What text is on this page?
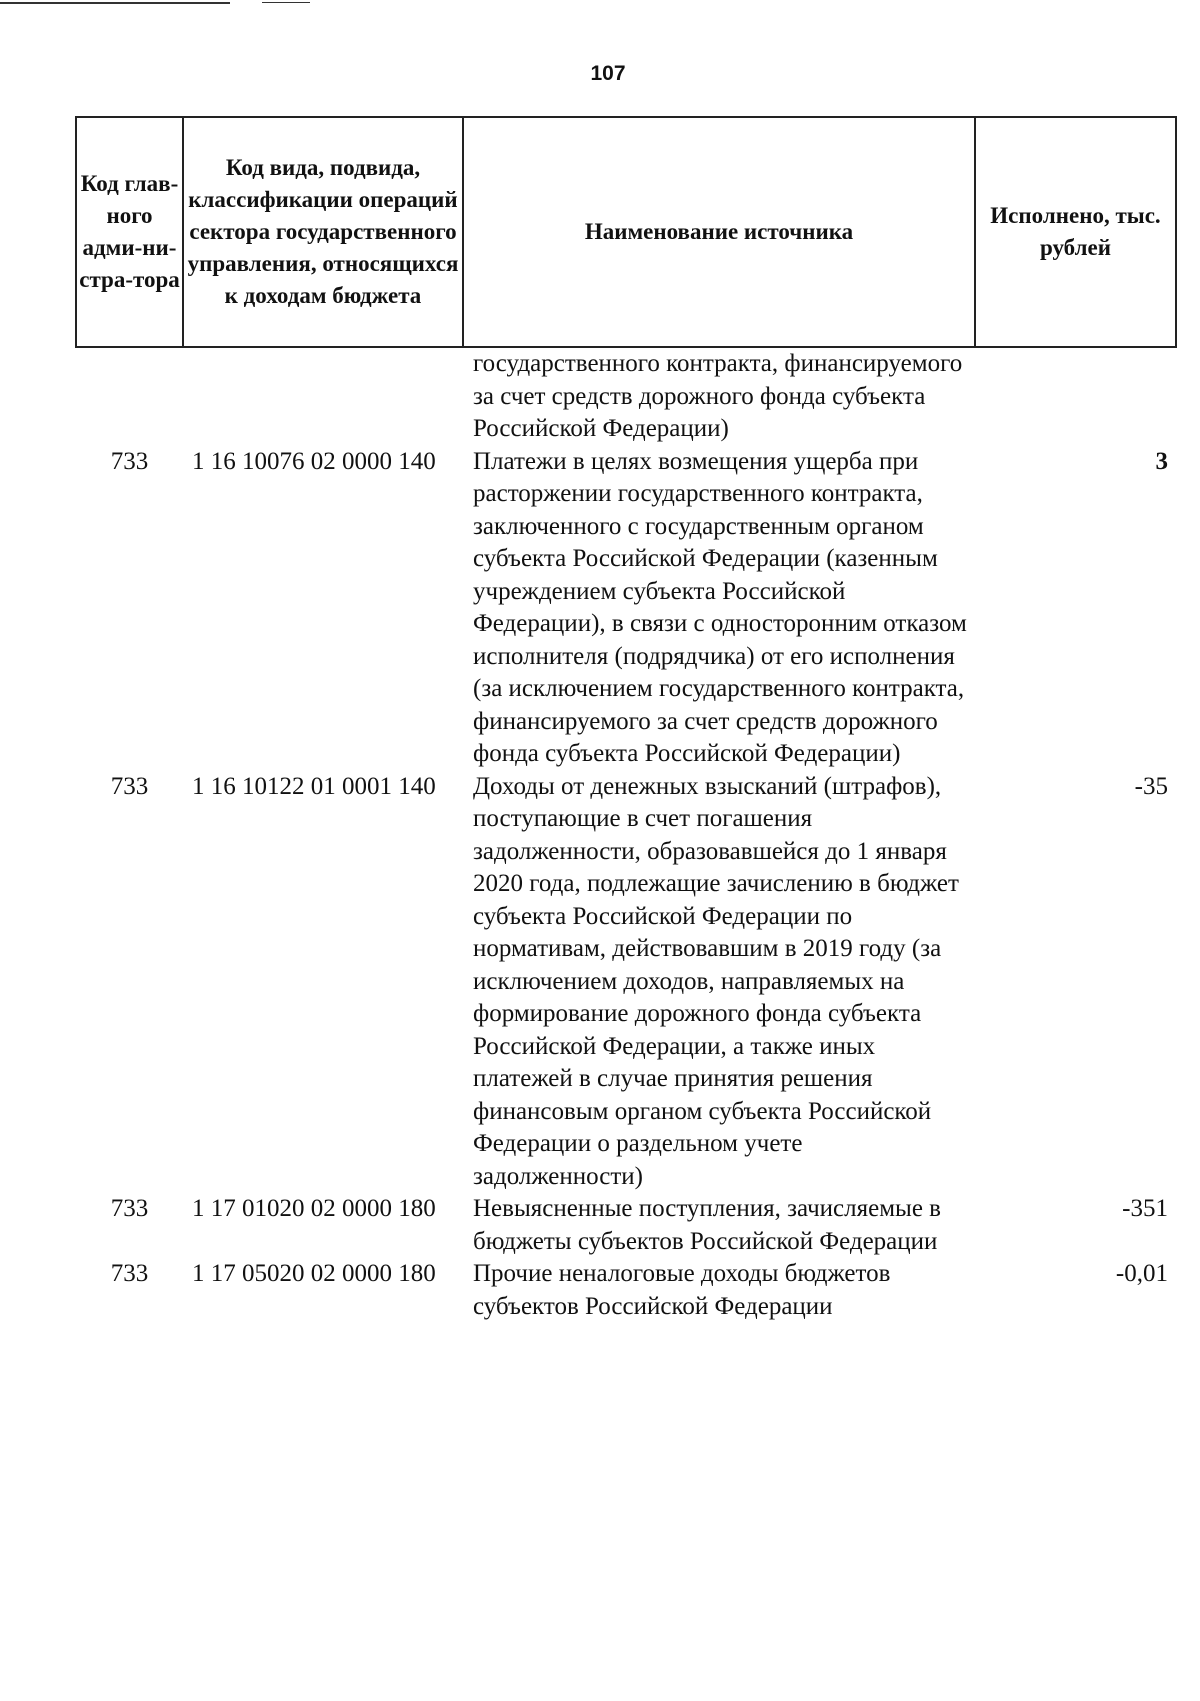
107
Код глав-ного адми-ни-стра-тора	Код вида, подвида, классификации операций сектора государственного управления, относящихся к доходам бюджета	Наименование источника	Исполнено, тыс. рублей
		государственного контракта, финансируемого за счет средств дорожного фонда субъекта Российской Федерации)	
733	1 16 10076 02 0000 140	Платежи в целях возмещения ущерба при расторжении государственного контракта, заключенного с государственным органом субъекта Российской Федерации (казенным учреждением субъекта Российской Федерации), в связи с односторонним отказом исполнителя (подрядчика) от его исполнения (за исключением государственного контракта, финансируемого за счет средств дорожного фонда субъекта Российской Федерации)	3
733	1 16 10122 01 0001 140	Доходы от денежных взысканий (штрафов), поступающие в счет погашения задолженности, образовавшейся до 1 января 2020 года, подлежащие зачислению в бюджет субъекта Российской Федерации по нормативам, действовавшим в 2019 году (за исключением доходов, направляемых на формирование дорожного фонда субъекта Российской Федерации, а также иных платежей в случае принятия решения финансовым органом субъекта Российской Федерации о раздельном учете задолженности)	-35
733	1 17 01020 02 0000 180	Невыясненные поступления, зачисляемые в бюджеты субъектов Российской Федерации	-351
733	1 17 05020 02 0000 180	Прочие неналоговые доходы бюджетов субъектов Российской Федерации	-0,01
